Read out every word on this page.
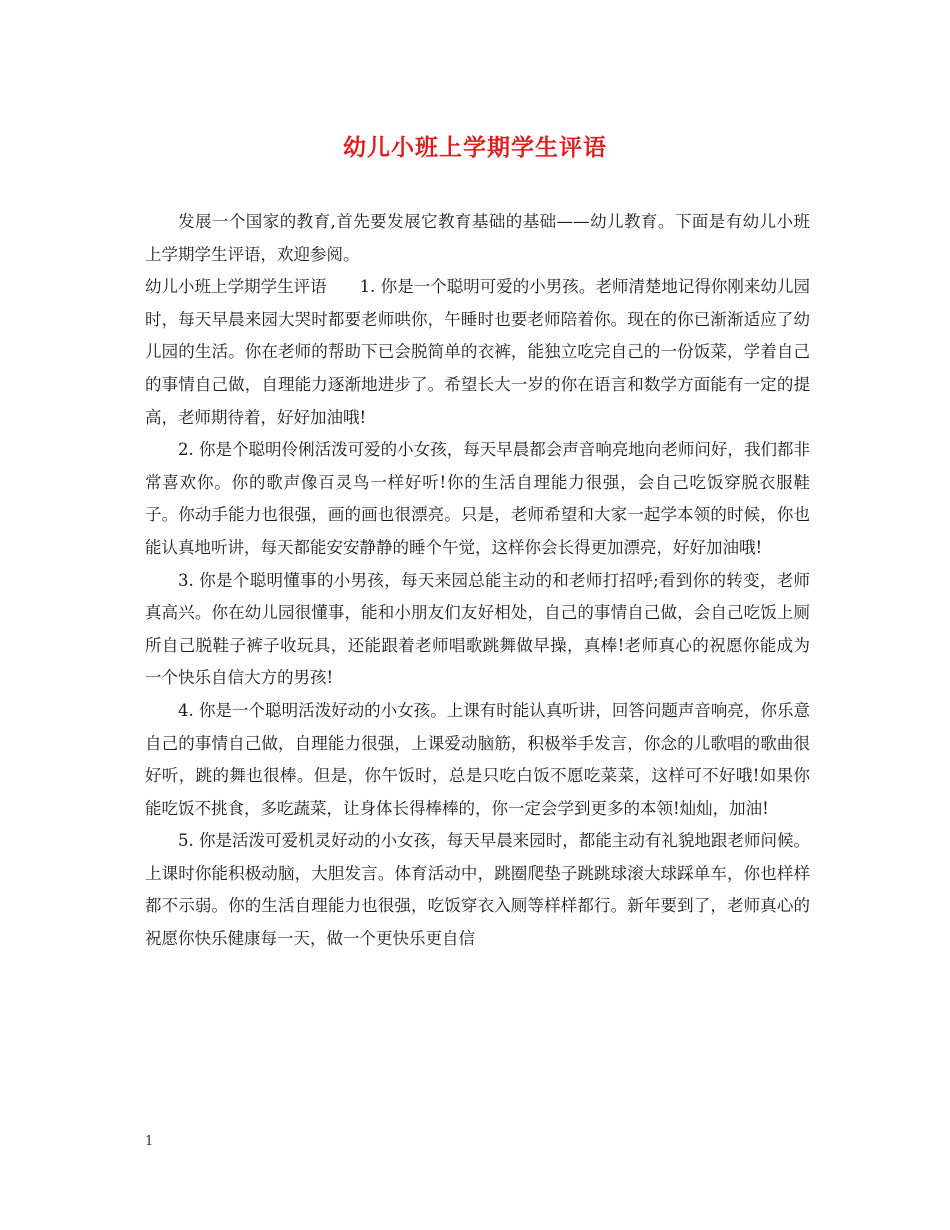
幼儿小班上学期学生评语

发展一个国家的教育,首先要发展它教育基础的基础——幼儿教育。下面是有幼儿小班上学期学生评语，欢迎参阅。

幼儿小班上学期学生评语　　1. 你是一个聪明可爱的小男孩。老师清楚地记得你刚来幼儿园时，每天早晨来园大哭时都要老师哄你，午睡时也要老师陪着你。现在的你已渐渐适应了幼儿园的生活。你在老师的帮助下已会脱简单的衣裤，能独立吃完自己的一份饭菜，学着自己的事情自己做，自理能力逐渐地进步了。希望长大一岁的你在语言和数学方面能有一定的提高，老师期待着，好好加油哦!

2. 你是个聪明伶俐活泼可爱的小女孩，每天早晨都会声音响亮地向老师问好，我们都非常喜欢你。你的歌声像百灵鸟一样好听!你的生活自理能力很强，会自己吃饭穿脱衣服鞋子。你动手能力也很强，画的画也很漂亮。只是，老师希望和大家一起学本领的时候，你也能认真地听讲，每天都能安安静静的睡个午觉，这样你会长得更加漂亮，好好加油哦!

3. 你是个聪明懂事的小男孩，每天来园总能主动的和老师打招呼;看到你的转变，老师真高兴。你在幼儿园很懂事，能和小朋友们友好相处，自己的事情自己做，会自己吃饭上厕所自己脱鞋子裤子收玩具，还能跟着老师唱歌跳舞做早操，真棒!老师真心的祝愿你能成为一个快乐自信大方的男孩!

4. 你是一个聪明活泼好动的小女孩。上课有时能认真听讲，回答问题声音响亮，你乐意自己的事情自己做，自理能力很强，上课爱动脑筋，积极举手发言，你念的儿歌唱的歌曲很好听，跳的舞也很棒。但是，你午饭时，总是只吃白饭不愿吃菜菜，这样可不好哦!如果你能吃饭不挑食，多吃蔬菜，让身体长得棒棒的，你一定会学到更多的本领!灿灿，加油!

5. 你是活泼可爱机灵好动的小女孩，每天早晨来园时，都能主动有礼貌地跟老师问候。上课时你能积极动脑，大胆发言。体育活动中，跳圈爬垫子跳跳球滚大球踩单车，你也样样都不示弱。你的生活自理能力也很强，吃饭穿衣入厕等样样都行。新年要到了，老师真心的祝愿你快乐健康每一天，做一个更快乐更自信

1
